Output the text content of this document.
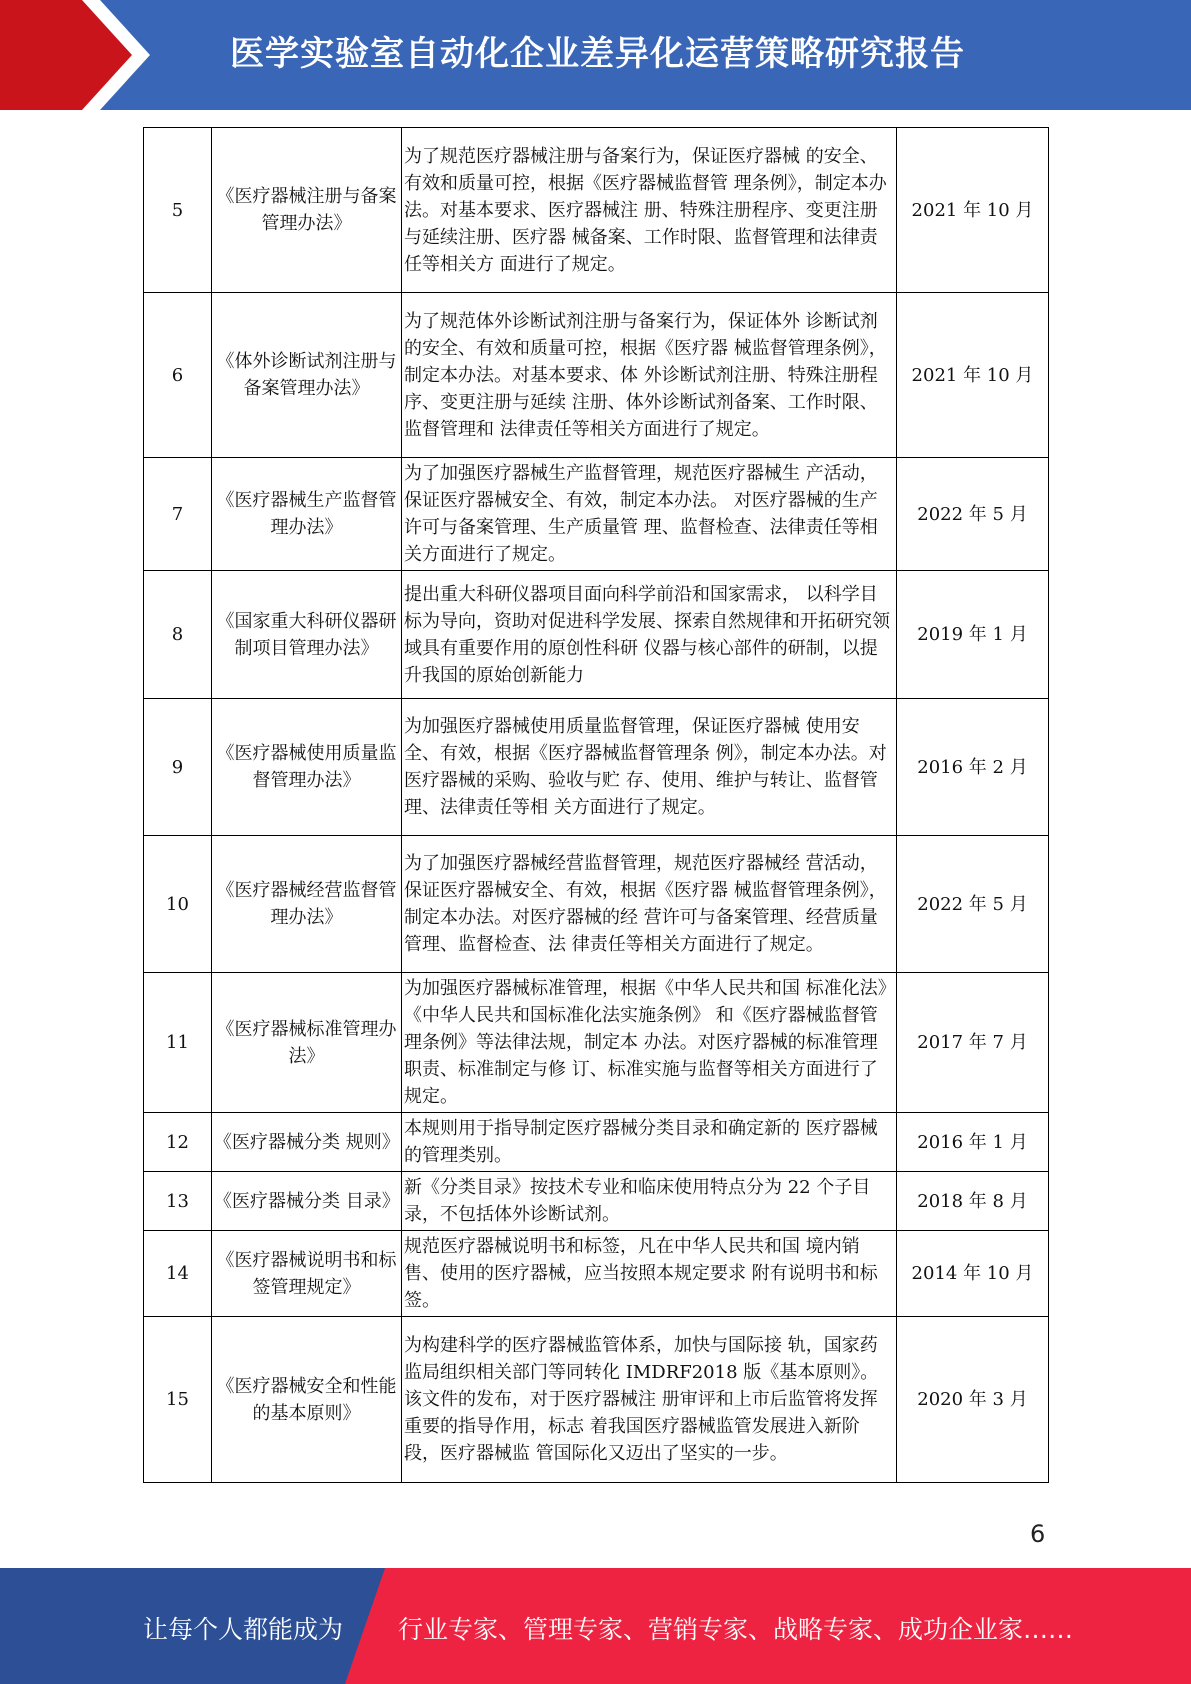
医学实验室自动化企业差异化运营策略研究报告
5	《医疗器械注册与备案管理办法》	为了规范医疗器械注册与备案行为，保证医疗器械 的安全、有效和质量可控，根据《医疗器械监督管 理条例》，制定本办法。对基本要求、医疗器械注 册、特殊注册程序、变更注册与延续注册、医疗器 械备案、工作时限、监督管理和法律责任等相关方 面进行了规定。	2021 年 10 月
6	《体外诊断试剂注册与备案管理办法》	为了规范体外诊断试剂注册与备案行为，保证体外 诊断试剂的安全、有效和质量可控，根据《医疗器 械监督管理条例》，制定本办法。对基本要求、体 外诊断试剂注册、特殊注册程序、变更注册与延续 注册、体外诊断试剂备案、工作时限、监督管理和 法律责任等相关方面进行了规定。	2021 年 10 月
7	《医疗器械生产监督管理办法》	为了加强医疗器械生产监督管理，规范医疗器械生 产活动，保证医疗器械安全、有效，制定本办法。 对医疗器械的生产许可与备案管理、生产质量管 理、监督检查、法律责任等相关方面进行了规定。	2022 年 5 月
8	《国家重大科研仪器研制项目管理办法》	提出重大科研仪器项目面向科学前沿和国家需求， 以科学目标为导向，资助对促进科学发展、探索自然规律和开拓研究领域具有重要作用的原创性科研 仪器与核心部件的研制，以提升我国的原始创新能力	2019 年 1 月
9	《医疗器械使用质量监督管理办法》	为加强医疗器械使用质量监督管理，保证医疗器械 使用安全、有效，根据《医疗器械监督管理条 例》，制定本办法。对医疗器械的采购、验收与贮 存、使用、维护与转让、监督管理、法律责任等相 关方面进行了规定。	2016 年 2 月
10	《医疗器械经营监督管理办法》	为了加强医疗器械经营监督管理，规范医疗器械经 营活动，保证医疗器械安全、有效，根据《医疗器 械监督管理条例》，制定本办法。对医疗器械的经 营许可与备案管理、经营质量管理、监督检查、法 律责任等相关方面进行了规定。	2022 年 5 月
11	《医疗器械标准管理办法》	为加强医疗器械标准管理，根据《中华人民共和国 标准化法》《中华人民共和国标准化法实施条例》 和《医疗器械监督管理条例》等法律法规，制定本 办法。对医疗器械的标准管理职责、标准制定与修 订、标准实施与监督等相关方面进行了规定。	2017 年 7 月
12	《医疗器械分类 规则》	本规则用于指导制定医疗器械分类目录和确定新的 医疗器械的管理类别。	2016 年 1 月
13	《医疗器械分类 目录》	新《分类目录》按技术专业和临床使用特点分为 22 个子目录，不包括体外诊断试剂。	2018 年 8 月
14	《医疗器械说明书和标签管理规定》	规范医疗器械说明书和标签，凡在中华人民共和国 境内销售、使用的医疗器械，应当按照本规定要求 附有说明书和标签。	2014 年 10 月
15	《医疗器械安全和性能的基本原则》	为构建科学的医疗器械监管体系，加快与国际接 轨，国家药监局组织相关部门等同转化 IMDRF2018 版《基本原则》。该文件的发布，对于医疗器械注 册审评和上市后监管将发挥重要的指导作用，标志 着我国医疗器械监管发展进入新阶段，医疗器械监 管国际化又迈出了坚实的一步。	2020 年 3 月
6
让每个人都能成为 行业专家、管理专家、营销专家、战略专家、成功企业家……
